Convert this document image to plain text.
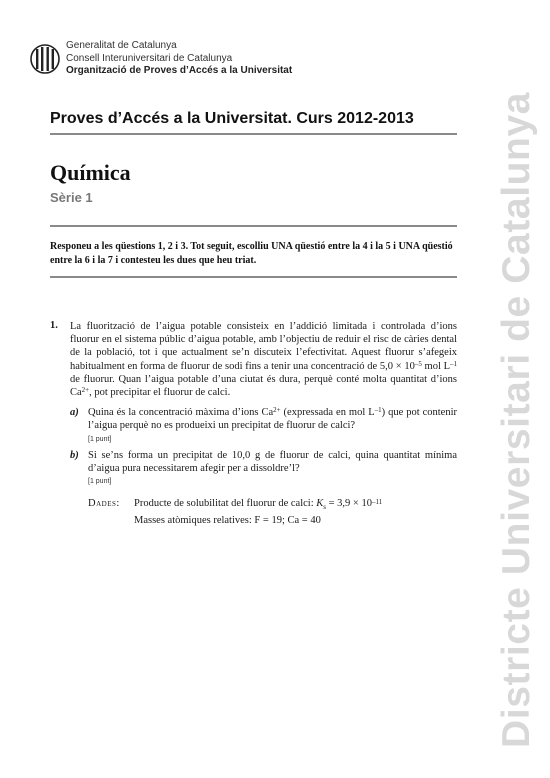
Generalitat de Catalunya
Consell Interuniversitari de Catalunya
Organització de Proves d’Accés a la Universitat
Districte Universitari de Catalunya
Proves d’Accés a la Universitat. Curs 2012-2013
Química
Sèrie 1
Responeu a les qüestions 1, 2 i 3. Tot seguit, escolliu UNA qüestió entre la 4 i la 5 i UNA qüestió entre la 6 i la 7 i contesteu les dues que heu triat.
1. La fluorització de l’aigua potable consisteix en l’addició limitada i controlada d’ions fluorur en el sistema públic d’aigua potable, amb l’objectiu de reduir el risc de càries dental de la població, tot i que actualment se’n discuteix l’efectivitat. Aquest fluorur s’afegeix habitualment en forma de fluorur de sodi fins a tenir una concentració de $5,0 \times 10^{-5}$ mol $L^{-1}$ de fluorur. Quan l’aigua potable d’una ciutat és dura, perquè conté molta quantitat d’ions $Ca^{2+}$, pot precipitar el fluorur de calci.
a) Quina és la concentració màxima d’ions $Ca^{2+}$ (expressada en mol $L^{-1}$) que pot contenir l’aigua perquè no es produeixi un precipitat de fluorur de calci?
[1 punt]
b) Si se’ns forma un precipitat de 10,0 g de fluorur de calci, quina quantitat mínima d’aigua pura necessitarem afegir per a dissoldre’l?
[1 punt]
Dades: Producte de solubilitat del fluorur de calci: $K_s = 3,9 \times 10^{-11}$
Masses atòmiques relatives: F = 19; Ca = 40
